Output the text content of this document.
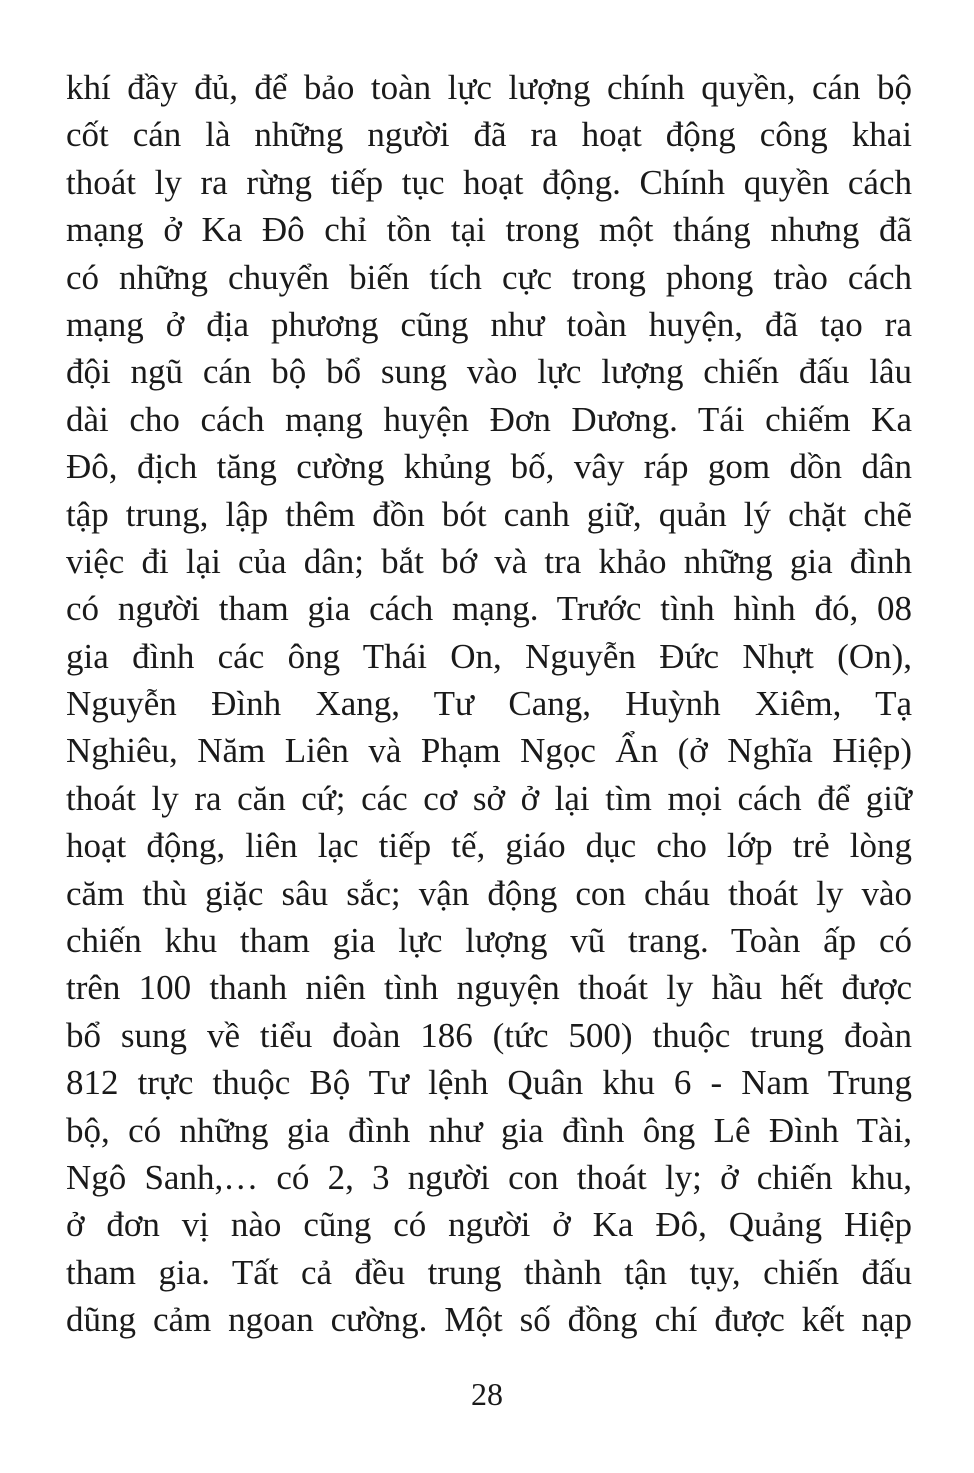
khí đầy đủ, để bảo toàn lực lượng chính quyền, cán bộ
cốt cán là những người đã ra hoạt động công khai
thoát ly ra rừng tiếp tục hoạt động. Chính quyền cách
mạng ở Ka Đô chỉ tồn tại trong một tháng nhưng đã
có những chuyển biến tích cực trong phong trào cách
mạng ở địa phương cũng như toàn huyện, đã tạo ra
đội ngũ cán bộ bổ sung vào lực lượng chiến đấu lâu
dài cho cách mạng huyện Đơn Dương. Tái chiếm Ka
Đô, địch tăng cường khủng bố, vây ráp gom dồn dân
tập trung, lập thêm đồn bót canh giữ, quản lý chặt chẽ
việc đi lại của dân; bắt bớ và tra khảo những gia đình
có người tham gia cách mạng. Trước tình hình đó, 08
gia đình các ông Thái On, Nguyễn Đức Nhựt (On),
Nguyễn Đình Xang, Tư Cang, Huỳnh Xiêm, Tạ
Nghiêu, Năm Liên và Phạm Ngọc Ẩn (ở Nghĩa Hiệp)
thoát ly ra căn cứ; các cơ sở ở lại tìm mọi cách để giữ
hoạt động, liên lạc tiếp tế, giáo dục cho lớp trẻ lòng
căm thù giặc sâu sắc; vận động con cháu thoát ly vào
chiến khu tham gia lực lượng vũ trang. Toàn ấp có
trên 100 thanh niên tình nguyện thoát ly hầu hết được
bổ sung về tiểu đoàn 186 (tức 500) thuộc trung đoàn
812 trực thuộc Bộ Tư lệnh Quân khu 6 - Nam Trung
bộ, có những gia đình như gia đình ông Lê Đình Tài,
Ngô Sanh,… có 2, 3 người con thoát ly; ở chiến khu,
ở đơn vị nào cũng có người ở Ka Đô, Quảng Hiệp
tham gia. Tất cả đều trung thành tận tụy, chiến đấu
dũng cảm ngoan cường. Một số đồng chí được kết nạp
28
